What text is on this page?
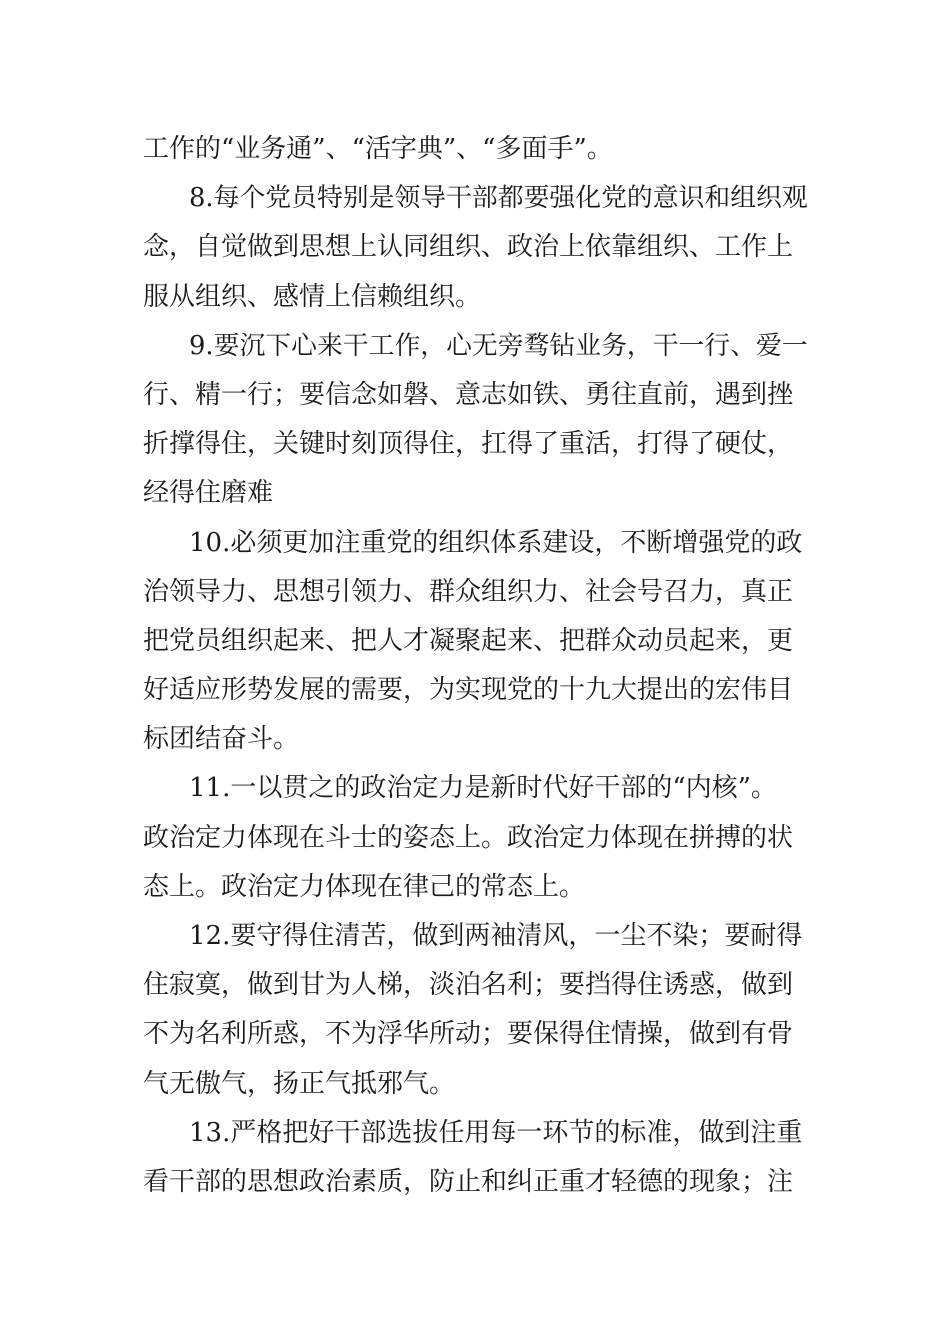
工作的“业务通”、“活字典”、“多面手”。
8.每个党员特别是领导干部都要强化党的意识和组织观
念，自觉做到思想上认同组织、政治上依靠组织、工作上
服从组织、感情上信赖组织。
9.要沉下心来干工作，心无旁骛钻业务，干一行、爱一
行、精一行；要信念如磐、意志如铁、勇往直前，遇到挫
折撑得住，关键时刻顶得住，扛得了重活，打得了硬仗，
经得住磨难
10.必须更加注重党的组织体系建设，不断增强党的政
治领导力、思想引领力、群众组织力、社会号召力，真正
把党员组织起来、把人才凝聚起来、把群众动员起来，更
好适应形势发展的需要，为实现党的十九大提出的宏伟目
标团结奋斗。
11.一以贯之的政治定力是新时代好干部的“内核”。
政治定力体现在斗士的姿态上。政治定力体现在拼搏的状
态上。政治定力体现在律己的常态上。
12.要守得住清苦，做到两袖清风，一尘不染；要耐得
住寂寞，做到甘为人梯，淡泊名利；要挡得住诱惑，做到
不为名利所惑，不为浮华所动；要保得住情操，做到有骨
气无傲气，扬正气抵邪气。
13.严格把好干部选拔任用每一环节的标准，做到注重
看干部的思想政治素质，防止和纠正重才轻德的现象；注
